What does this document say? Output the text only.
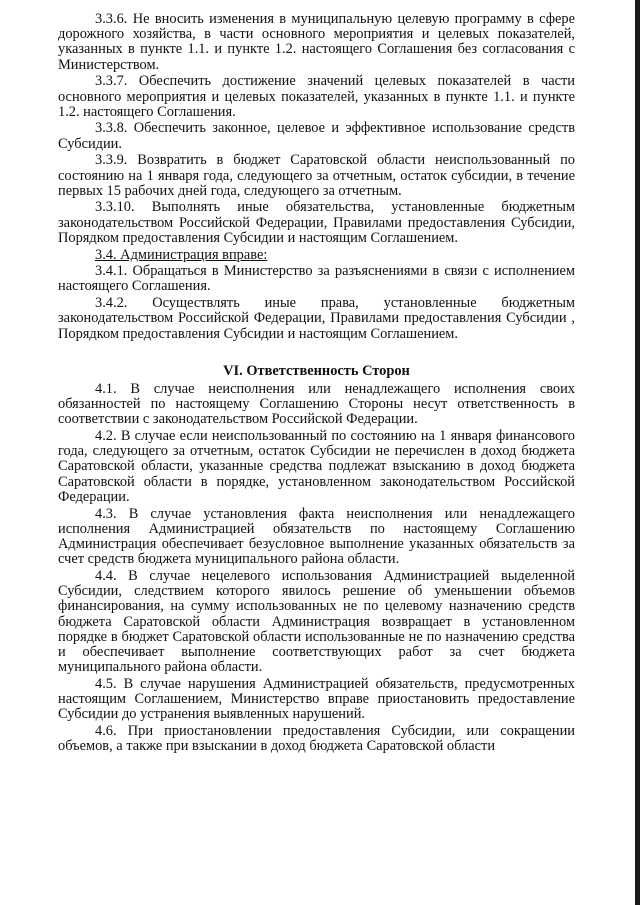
3.3.6. Не вносить изменения в муниципальную целевую программу в сфере дорожного хозяйства, в части основного мероприятия и целевых показателей, указанных в пункте 1.1. и пункте 1.2. настоящего Соглашения без согласования с Министерством.

3.3.7. Обеспечить достижение значений целевых показателей в части основного мероприятия и целевых показателей, указанных в пункте 1.1. и пункте 1.2. настоящего Соглашения.

3.3.8. Обеспечить законное, целевое и эффективное использование средств Субсидии.

3.3.9. Возвратить в бюджет Саратовской области неиспользованный по состоянию на 1 января года, следующего за отчетным, остаток субсидии, в течение первых 15 рабочих дней года, следующего за отчетным.

3.3.10. Выполнять иные обязательства, установленные бюджетным законодательством Российской Федерации, Правилами предоставления Субсидии, Порядком предоставления Субсидии и настоящим Соглашением.

3.4. Администрация вправе:

3.4.1. Обращаться в Министерство за разъяснениями в связи с исполнением настоящего Соглашения.

3.4.2. Осуществлять иные права, установленные бюджетным законодательством Российской Федерации, Правилами предоставления Субсидии , Порядком предоставления Субсидии и настоящим Соглашением.

VI. Ответственность Сторон

4.1. В случае неисполнения или ненадлежащего исполнения своих обязанностей по настоящему Соглашению Стороны несут ответственность в соответствии с законодательством Российской Федерации.

4.2. В случае если неиспользованный по состоянию на 1 января финансового года, следующего за отчетным, остаток Субсидии не перечислен в доход бюджета Саратовской области, указанные средства подлежат взысканию в доход бюджета Саратовской области в порядке, установленном законодательством Российской Федерации.

4.3. В случае установления факта неисполнения или ненадлежащего исполнения Администрацией обязательств по настоящему Соглашению Администрация обеспечивает безусловное выполнение указанных обязательств за счет средств бюджета муниципального района области.

4.4. В случае нецелевого использования Администрацией выделенной Субсидии, следствием которого явилось решение об уменьшении объемов финансирования, на сумму использованных не по целевому назначению средств бюджета Саратовской области Администрация возвращает в установленном порядке в бюджет Саратовской области использованные не по назначению средства и обеспечивает выполнение соответствующих работ за счет бюджета муниципального района области.

4.5. В случае нарушения Администрацией обязательств, предусмотренных настоящим Соглашением, Министерство вправе приостановить предоставление Субсидии до устранения выявленных нарушений.

4.6. При приостановлении предоставления Субсидии, или сокращении объемов, а также при взыскании в доход бюджета Саратовской области
